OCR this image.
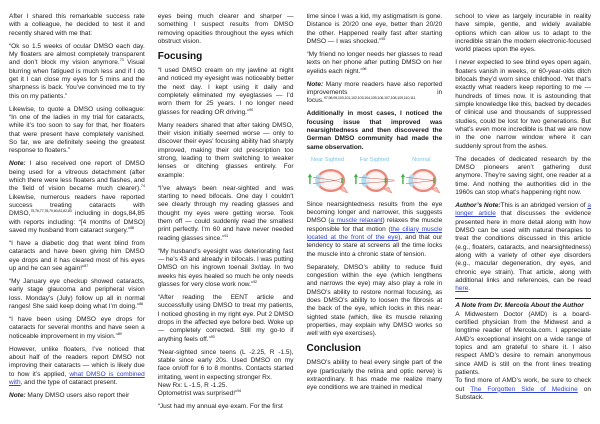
After I shared this remarkable success rate with a colleague, he decided to test it and recently shared with me that:

“Ok so 1.5 weeks of ocular DMSO each day. My floaters are almost completely transparent and don’t block my vision anymore.$^{73}$ Visual blurring when fatigued is much less and if I do get it I can close my eyes for 5 mins and the sharpness is back. You’ve convinced me to try this on my patients.”

Likewise, to quote a DMSO using colleague: “In one of the ladies in my trial for cataracts, while it’s too soon to say for that, her floaters that were present have completely vanished. So far, we are definitely seeing the greatest response to floaters.”

Note: I also received one report of DMSO being used for a vitreous detachment (after which there were less floaters and flashes, and the field of vision became much clearer).$^{74}$ Likewise, numerous readers have reported success treating cataracts with DMSO,$^{75,76,77,78,79,80,81,82,83}$ including in dogs,84,85 with reports including: “[4 months of DMSO] saved my husband from cataract surgery.”$^{86}$

“I have a diabetic dog that went blind from cataracts and have been giving him DMSO eye drops and it has cleared most of his eyes up and he can see again!”$^{87}$

“My January eye checkup showed cataracts, early stage glaucoma and peripheral vision loss. Monday’s (July) follow up all in normal ranges! She said keep doing what I’m doing.”$^{88}$

“I have been using DMSO eye drops for cataracts for several months and have seen a noticeable improvement in my vision.”$^{89}$

However, unlike floaters, I’ve noticed that about half of the readers report DMSO not improving their cataracts — which is likely due to how it’s applied, what DMSO is combined with, and the type of cataract present.

Note: Many DMSO users also report their

eyes being much clearer and sharper — something I suspect results from DMSO removing opacities throughout the eyes which obstruct vision.

Focusing

“I used DMSO cream on my jawline at night and noticed my eyesight was noticeably better the next day. I kept using it daily and completely eliminated my eyeglasses — I’d worn them for 25 years. I no longer need glasses for reading OR driving.”$^{90}$

Many readers shared that after taking DMSO, their vision initially seemed worse — only to discover their eyes’ focusing ability had sharply improved, making their old prescription too strong, leading to them switching to weaker lenses or ditching glasses entirely. For example:

“I’ve always been near-sighted and was starting to need bifocals. One day I couldn’t see clearly through my reading glasses and thought my eyes were getting worse. Took them off — could suddenly read the smallest print perfectly. I’m 60 and have never needed reading glasses since.”$^{91}$

“My husband’s eyesight was deteriorating fast — he’s 43 and already in bifocals. I was putting DMSO on his ingrown toenail 3x/day. In two weeks his eyes healed so much he only needs glasses for very close work now.”$^{92}$

“After reading the EENT article and successfully using DMSO to treat my patients, I noticed ghosting in my right eye. Put 2 DMSO drops in the affected eye before bed. Woke up — completely corrected. Still my go-to if anything feels off.”$^{93}$

“Near-sighted since teens (L -2.25, R -1.5), stable since early 20s. Used DMSO on my face on/off for 6 to 8 months. Contacts started irritating, went in expecting stronger Rx.
New Rx: L -1.5, R -1.25.
Optometrist was surprised!”$^{94}$

“Just had my annual eye exam. For the first

time since I was a kid, my astigmatism is gone. Distance is 20/20 one eye, better than 20/20 the other. Happened really fast after starting DMSO — I was shocked.”$^{95}$

“My friend no longer needs her glasses to read texts on her phone after putting DMSO on her eyelids each night.”$^{96}$

Note: Many more readers have also reported improvements in focus.$^{97,98,99,100,101,102,103,104,105,106,107,108,109,110,111}$

Additionally in most cases, I noticed the focusing issue that improved was nearsightedness and then discovered the German DMSO community had made the same observation.

Near Sighted	Far Sighted	Normal

Since nearsightedness results from the eye becoming longer and narrower, this suggests DMSO (a muscle relaxant) relaxes the muscle responsible for that motion (the ciliary muscle located at the front of the eye), and that our tendency to stare at screens all the time locks the muscle into a chronic state of tension.

Separately, DMSO’s ability to reduce fluid congestion within the eye (which lengthens and narrows the eye) may also play a role in DMSO’s ability to restore normal focusing, as does DMSO’s ability to loosen the fibrosis at the back of the eye, which locks in this near-sighted state (which, like its muscle relaxing properties, may explain why DMSO works so well with eye exercises).

Conclusion

DMSO’s ability to heal every single part of the eye (particularly the retina and optic nerve) is extraordinary. It has made me realize many eye conditions we are trained in medical

school to view as largely incurable in reality have simple, gentle, and widely available options which can allow us to adapt to the incredible strain the modern electronic-focused world places upon the eyes.

I never expected to see blind eyes open again, floaters vanish in weeks, or 60-year-olds ditch bifocals they’d worn since childhood. Yet that’s exactly what readers keep reporting to me — hundreds of times now. It is astounding that simple knowledge like this, backed by decades of clinical use and thousands of suppressed studies, could be lost for two generations. But what’s even more incredible is that we are now in the one narrow window where it can suddenly sprout from the ashes.

The decades of dedicated research by the DMSO pioneers aren’t gathering dust anymore. They’re saving sight, one reader at a time. And nothing the authorities did in the 1960s can stop what’s happening right now.

Author’s Note:This is an abridged version of a longer article that discusses the evidence presented here in more detail along with how DMSO can be used with natural therapies to treat the conditions discussed in this article (e.g., floaters, cataracts, and nearsightedness) along with a variety of other eye disorders (e.g., macular degeneration, dry eyes, and chronic eye strain). That article, along with additional links and references, can be read here.

A Note from Dr. Mercola About the Author
A Midwestern Doctor (AMD) is a board-certified physician from the Midwest and a longtime reader of Mercola.com. I appreciate AMD’s exceptional insight on a wide range of topics and am grateful to share it. I also respect AMD’s desire to remain anonymous since AMD is still on the front lines treating patients.
To find more of AMD’s work, be sure to check out The Forgotten Side of Medicine on Substack.
